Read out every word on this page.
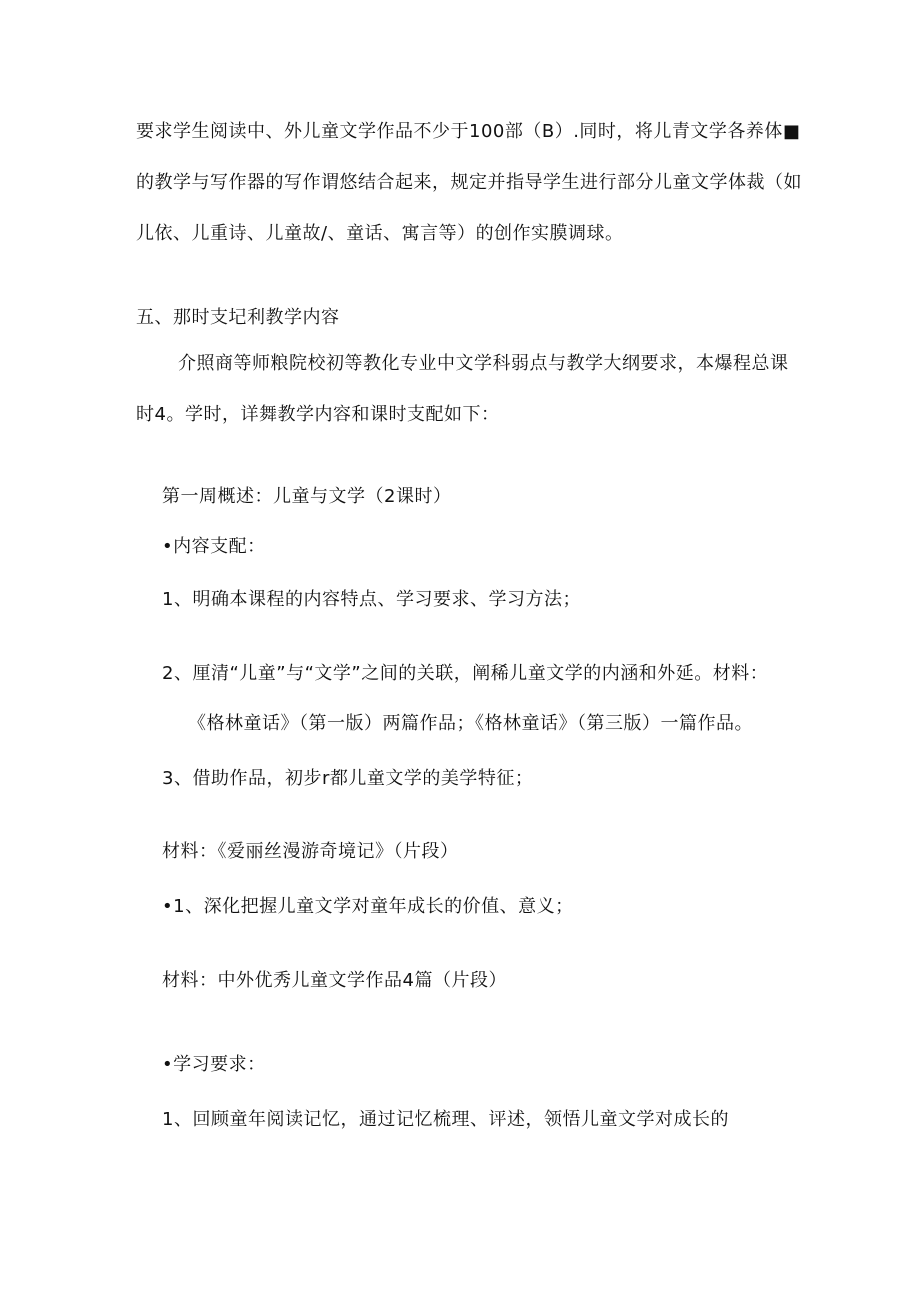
要求学生阅读中、外儿童文学作品不少于100部（B）.同时，将儿青文学各养体■
的教学与写作器的写作谓悠结合起来，规定并指导学生进行部分儿童文学体裁（如
儿依、儿重诗、儿童故/、童话、寓言等）的创作实膜调球。
五、那时支圮利教学内容
介照商等师粮院校初等教化专业中文学科弱点与教学大纲要求，本爆程总课
时4。学时，详舞教学内容和课时支配如下：
第一周概述：儿童与文学（2课时）
•内容支配：
1、明确本课程的内容特点、学习要求、学习方法；
2、厘清“儿童”与“文学”之间的关联，阐稀儿童文学的内涵和外延。材料：
《格林童话》（第一版）两篇作品；《格林童话》（第三版）一篇作品。
3、借助作品，初步r都儿童文学的美学特征；
材料：《爱丽丝漫游奇境记》（片段）
•1、深化把握儿童文学对童年成长的价值、意义；
材料：中外优秀儿童文学作品4篇（片段）
•学习要求：
1、回顾童年阅读记忆，通过记忆梳理、评述，领悟儿童文学对成长的
